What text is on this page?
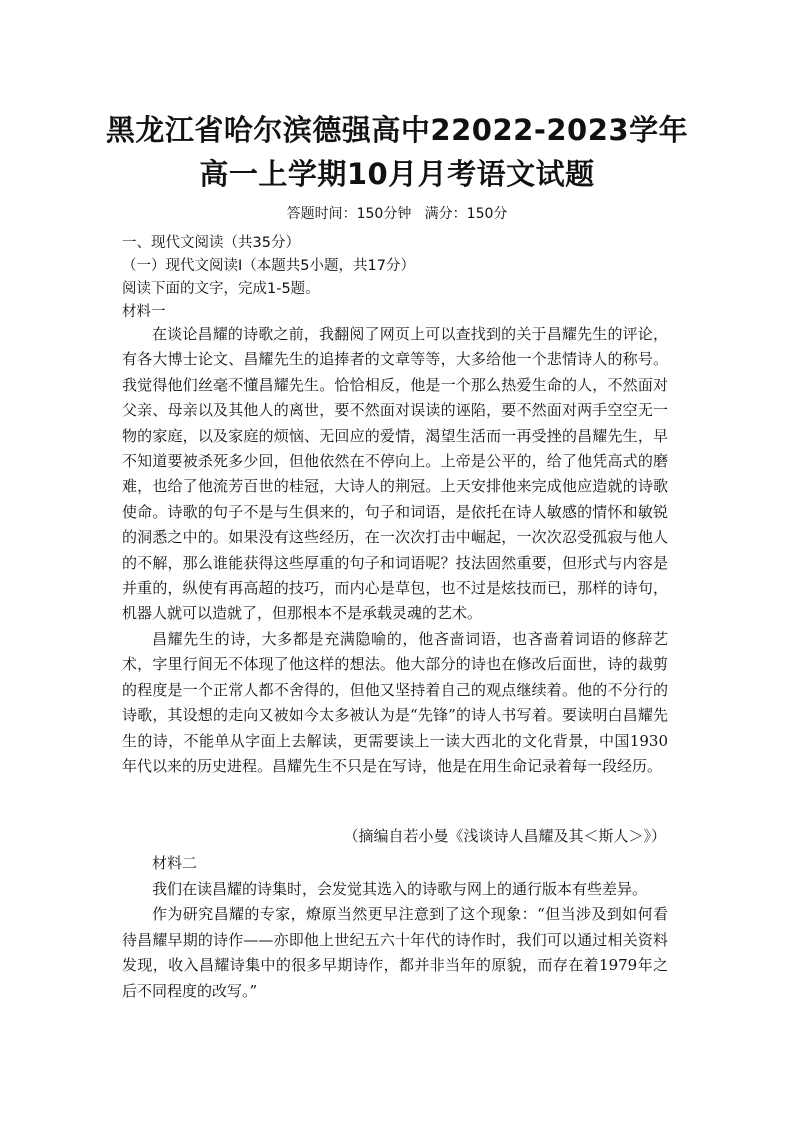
黑龙江省哈尔滨德强高中22022-2023学年
高一上学期10月月考语文试题
答题时间：150分钟   满分：150分
一、现代文阅读（共35分）
（一）现代文阅读Ⅰ（本题共5小题，共17分）
阅读下面的文字，完成1-5题。
材料一

在谈论昌耀的诗歌之前，我翻阅了网页上可以查找到的关于昌耀先生的评论，有各大博士论文、昌耀先生的追捧者的文章等等，大多给他一个悲情诗人的称号。我觉得他们丝毫不懂昌耀先生。恰恰相反，他是一个那么热爱生命的人，不然面对父亲、母亲以及其他人的离世，要不然面对误读的诬陷，要不然面对两手空空无一物的家庭，以及家庭的烦恼、无回应的爱情，渴望生活而一再受挫的昌耀先生，早不知道要被杀死多少回，但他依然在不停向上。上帝是公平的，给了他凭高式的磨难，也给了他流芳百世的桂冠，大诗人的荆冠。上天安排他来完成他应造就的诗歌使命。诗歌的句子不是与生俱来的，句子和词语，是依托在诗人敏感的情怀和敏锐的洞悉之中的。如果没有这些经历，在一次次打击中崛起，一次次忍受孤寂与他人的不解，那么谁能获得这些厚重的句子和词语呢？技法固然重要，但形式与内容是并重的，纵使有再高超的技巧，而内心是草包，也不过是炫技而已，那样的诗句，机器人就可以造就了，但那根本不是承载灵魂的艺术。

昌耀先生的诗，大多都是充满隐喻的，他吝啬词语，也吝啬着词语的修辞艺术，字里行间无不体现了他这样的想法。他大部分的诗也在修改后面世，诗的裁剪的程度是一个正常人都不舍得的，但他又坚持着自己的观点继续着。他的不分行的诗歌，其设想的走向又被如今太多被认为是“先锋”的诗人书写着。要读明白昌耀先生的诗，不能单从字面上去解读，更需要读上一读大西北的文化背景，中国1930年代以来的历史进程。昌耀先生不只是在写诗，他是在用生命记录着每一段经历。

（摘编自若小曼《浅谈诗人昌耀及其＜斯人＞》）
材料二

我们在读昌耀的诗集时，会发觉其选入的诗歌与网上的通行版本有些差异。

作为研究昌耀的专家，燎原当然更早注意到了这个现象：“但当涉及到如何看待昌耀早期的诗作——亦即他上世纪五六十年代的诗作时，我们可以通过相关资料发现，收入昌耀诗集中的很多早期诗作，都并非当年的原貌，而存在着1979年之后不同程度的改写。”
